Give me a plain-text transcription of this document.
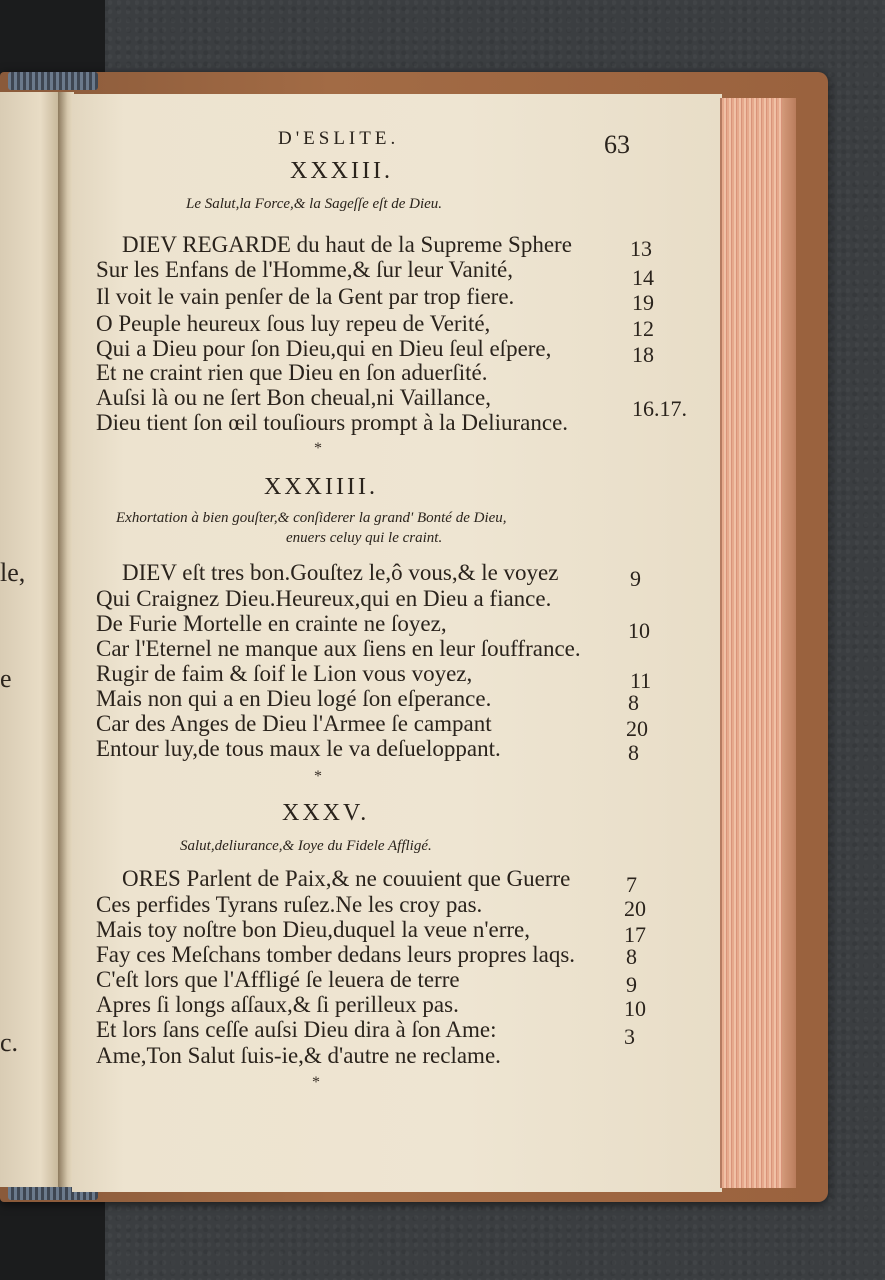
le,
e
c.
D'ESLITE.	63
XXXIII.
Le Salut,la Force,& la Sageſſe eſt de Dieu.
DIEV REGARDE du haut de la Supreme Sphere	13
Sur les Enfans de l'Homme,& ſur leur Vanité,	14
Il voit le vain penſer de la Gent par trop fiere.	19
O Peuple heureux ſous luy repeu de Verité,	12
Qui a Dieu pour ſon Dieu,qui en Dieu ſeul eſpere,	18
Et ne craint rien que Dieu en ſon aduerſité.
Auſsi là ou ne ſert Bon cheual,ni Vaillance,	16.17.
Dieu tient ſon œil touſiours prompt à la Deliurance.
*
XXXIIII.
Exhortation à bien gouſter,& conſiderer la grand' Bonté de Dieu,
enuers celuy qui le craint.
DIEV eſt tres bon.Gouſtez le,ô vous,& le voyez	9
Qui Craignez Dieu.Heureux,qui en Dieu a fiance.
De Furie Mortelle en crainte ne ſoyez,	10
Car l'Eternel ne manque aux ſiens en leur ſouffrance.
Rugir de faim & ſoif le Lion vous voyez,	11
Mais non qui a en Dieu logé ſon eſperance.	8
Car des Anges de Dieu l'Armee ſe campant	20
Entour luy,de tous maux le va deſueloppant.	8
*
XXXV.
Salut,deliurance,& Ioye du Fidele Affligé.
ORES Parlent de Paix,& ne couuient que Guerre	7
Ces perfides Tyrans ruſez.Ne les croy pas.	20
Mais toy noſtre bon Dieu,duquel la veue n'erre,	17
Fay ces Meſchans tomber dedans leurs propres laqs. 8
C'eſt lors que l'Affligé ſe leuera de terre	9
Apres ſi longs aſſaux,& ſi perilleux pas.	10
Et lors ſans ceſſe auſsi Dieu dira à ſon Ame:	3
Ame,Ton Salut ſuis-ie,& d'autre ne reclame.
*
